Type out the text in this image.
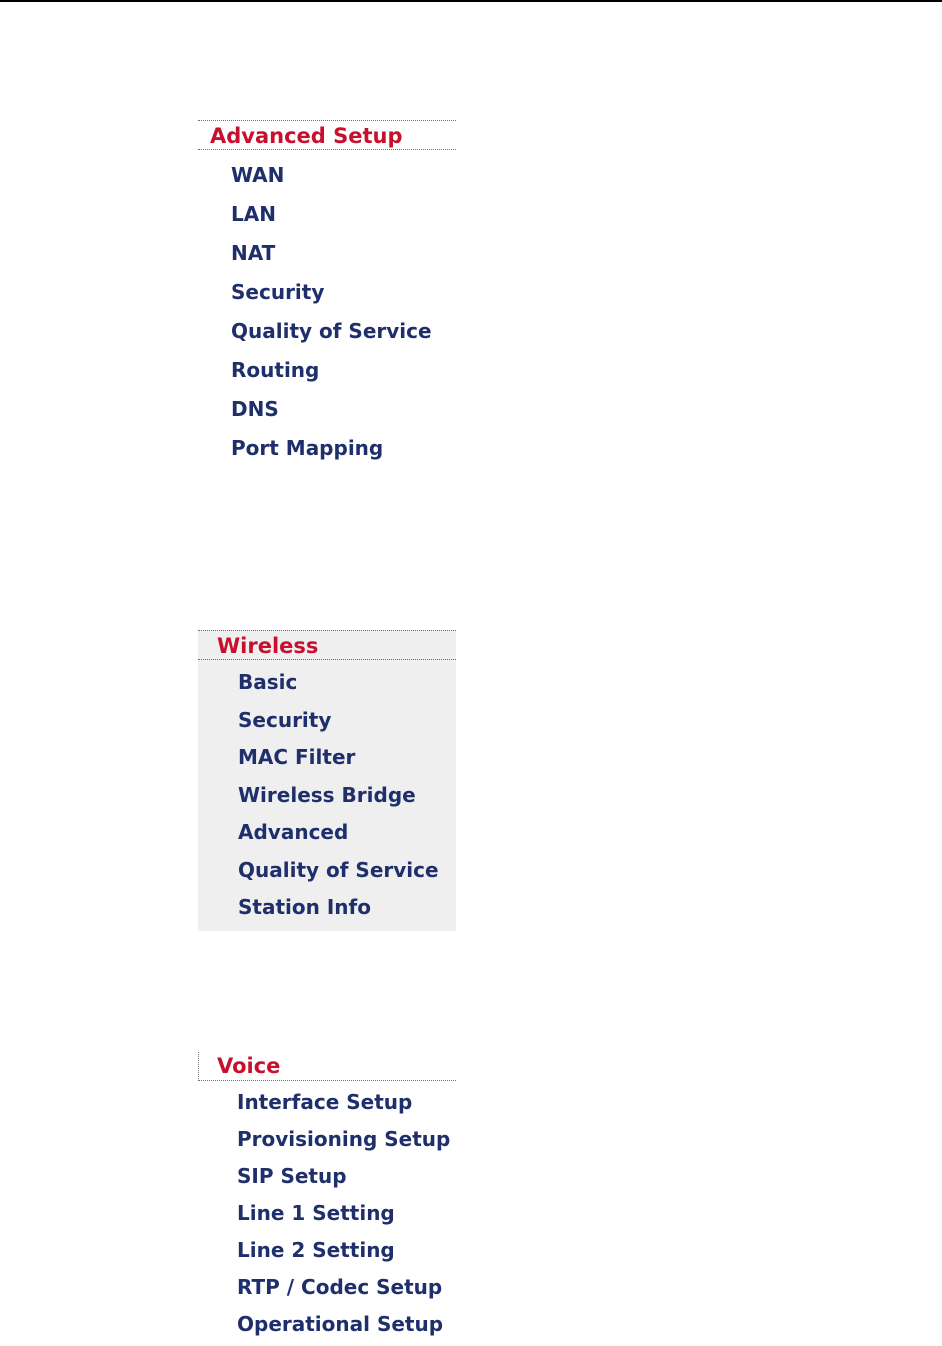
Advanced Setup
WAN
LAN
NAT
Security
Quality of Service
Routing
DNS
Port Mapping
Wireless
Basic
Security
MAC Filter
Wireless Bridge
Advanced
Quality of Service
Station Info
Voice
Interface Setup
Provisioning Setup
SIP Setup
Line 1 Setting
Line 2 Setting
RTP / Codec Setup
Operational Setup
